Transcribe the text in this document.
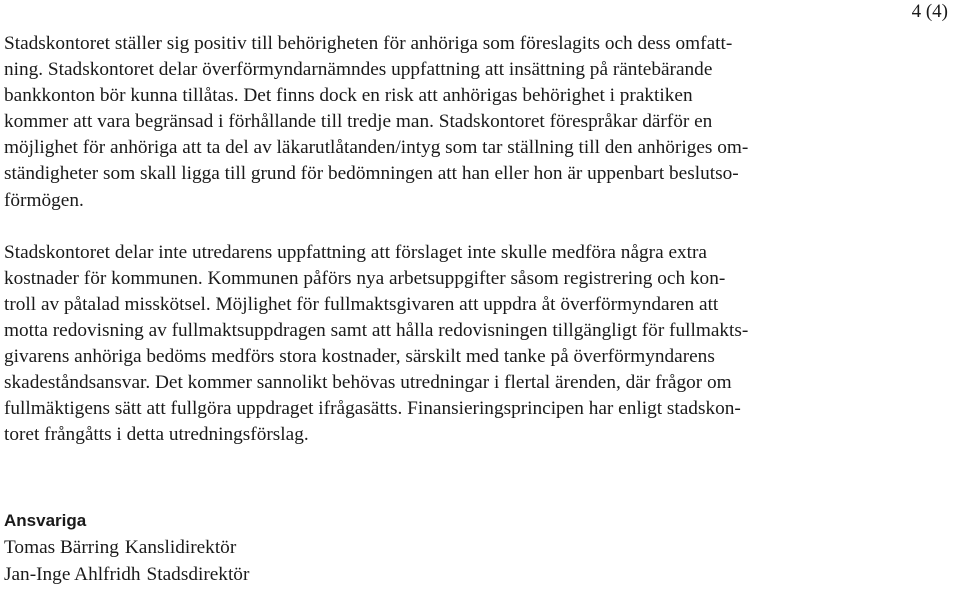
4 (4)

Stadskontoret ställer sig positiv till behörigheten för anhöriga som föreslagits och dess omfatt-
ning. Stadskontoret delar överförmyndarnämndes uppfattning att insättning på räntebärande
bankkonton bör kunna tillåtas. Det finns dock en risk att anhörigas behörighet i praktiken
kommer att vara begränsad i förhållande till tredje man. Stadskontoret förespråkar därför en
möjlighet för anhöriga att ta del av läkarutlåtanden/intyg som tar ställning till den anhöriges om-
ständigheter som skall ligga till grund för bedömningen att han eller hon är uppenbart beslutso-
förmögen.

Stadskontoret delar inte utredarens uppfattning att förslaget inte skulle medföra några extra
kostnader för kommunen. Kommunen påförs nya arbetsuppgifter såsom registrering och kon-
troll av påtalad misskötsel. Möjlighet för fullmaktsgivaren att uppdra åt överförmyndaren att
motta redovisning av fullmaktsuppdragen samt att hålla redovisningen tillgängligt för fullmakts-
givarens anhöriga bedöms medförs stora kostnader, särskilt med tanke på överförmyndarens
skadeståndsansvar. Det kommer sannolikt behövas utredningar i flertal ärenden, där frågor om
fullmäktigens sätt att fullgöra uppdraget ifrågasätts. Finansieringsprincipen har enligt stadskon-
toret frångåtts i detta utredningsförslag.

Ansvariga
Tomas Bärring Kanslidirektör
Jan-Inge Ahlfridh Stadsdirektör
